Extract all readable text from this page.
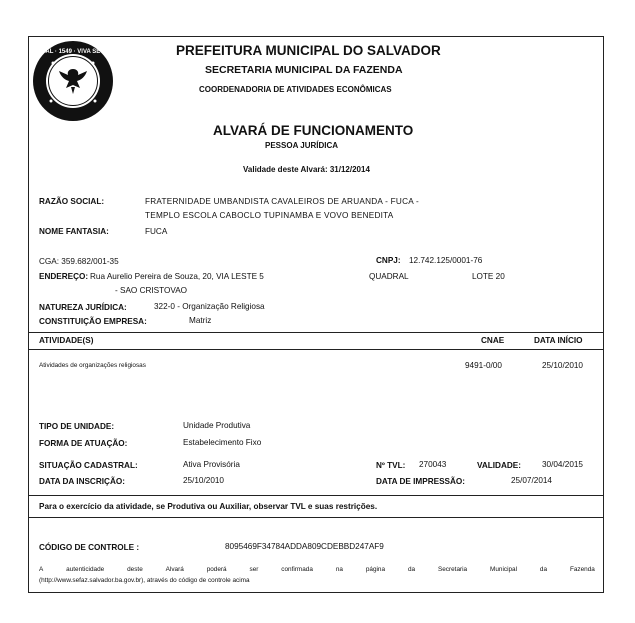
SAL · 1549 · VIVA SEU	PREFEITURA MUNICIPAL DO SALVADOR
SECRETARIA MUNICIPAL DA FAZENDA
COORDENADORIA DE ATIVIDADES ECONÔMICAS
ALVARÁ DE FUNCIONAMENTO
PESSOA JURÍDICA
Validade deste Alvará: 31/12/2014
RAZÃO SOCIAL:	FRATERNIDADE UMBANDISTA CAVALEIROS DE ARUANDA - FUCA -
TEMPLO ESCOLA CABOCLO TUPINAMBA E VOVO BENEDITA
NOME FANTASIA:	FUCA
CGA: 359.682/001-35	CNPJ: 12.742.125/0001-76
ENDEREÇO: Rua Aurelio Pereira de Souza, 20, VIA LESTE 5
- SAO CRISTOVAO
QUADRAL	LOTE 20
NATUREZA JURÍDICA:	322-0 - Organização Religiosa
CONSTITUIÇÃO EMPRESA:	Matriz
ATIVIDADE(S)	CNAE	DATA INÍCIO
Atividades de organizações religiosas	9491-0/00	25/10/2010
TIPO DE UNIDADE:	Unidade Produtiva
FORMA DE ATUAÇÃO:	Estabelecimento Fixo
SITUAÇÃO CADASTRAL:	Ativa Provisória	Nº TVL: 270043	VALIDADE:	30/04/2015
DATA DA INSCRIÇÃO:	25/10/2010	DATA DE IMPRESSÃO:	25/07/2014
Para o exercício da atividade, se Produtiva ou Auxiliar, observar TVL e suas restrições.
CÓDIGO DE CONTROLE :	8095469F34784ADDA809CDEBBD247AF9
A	autenticidade	deste	Alvará	poderá	ser	confirmada	na	página	da	Secretaria	Municipal	da	Fazenda
(http://www.sefaz.salvador.ba.gov.br), através do código de controle acima
